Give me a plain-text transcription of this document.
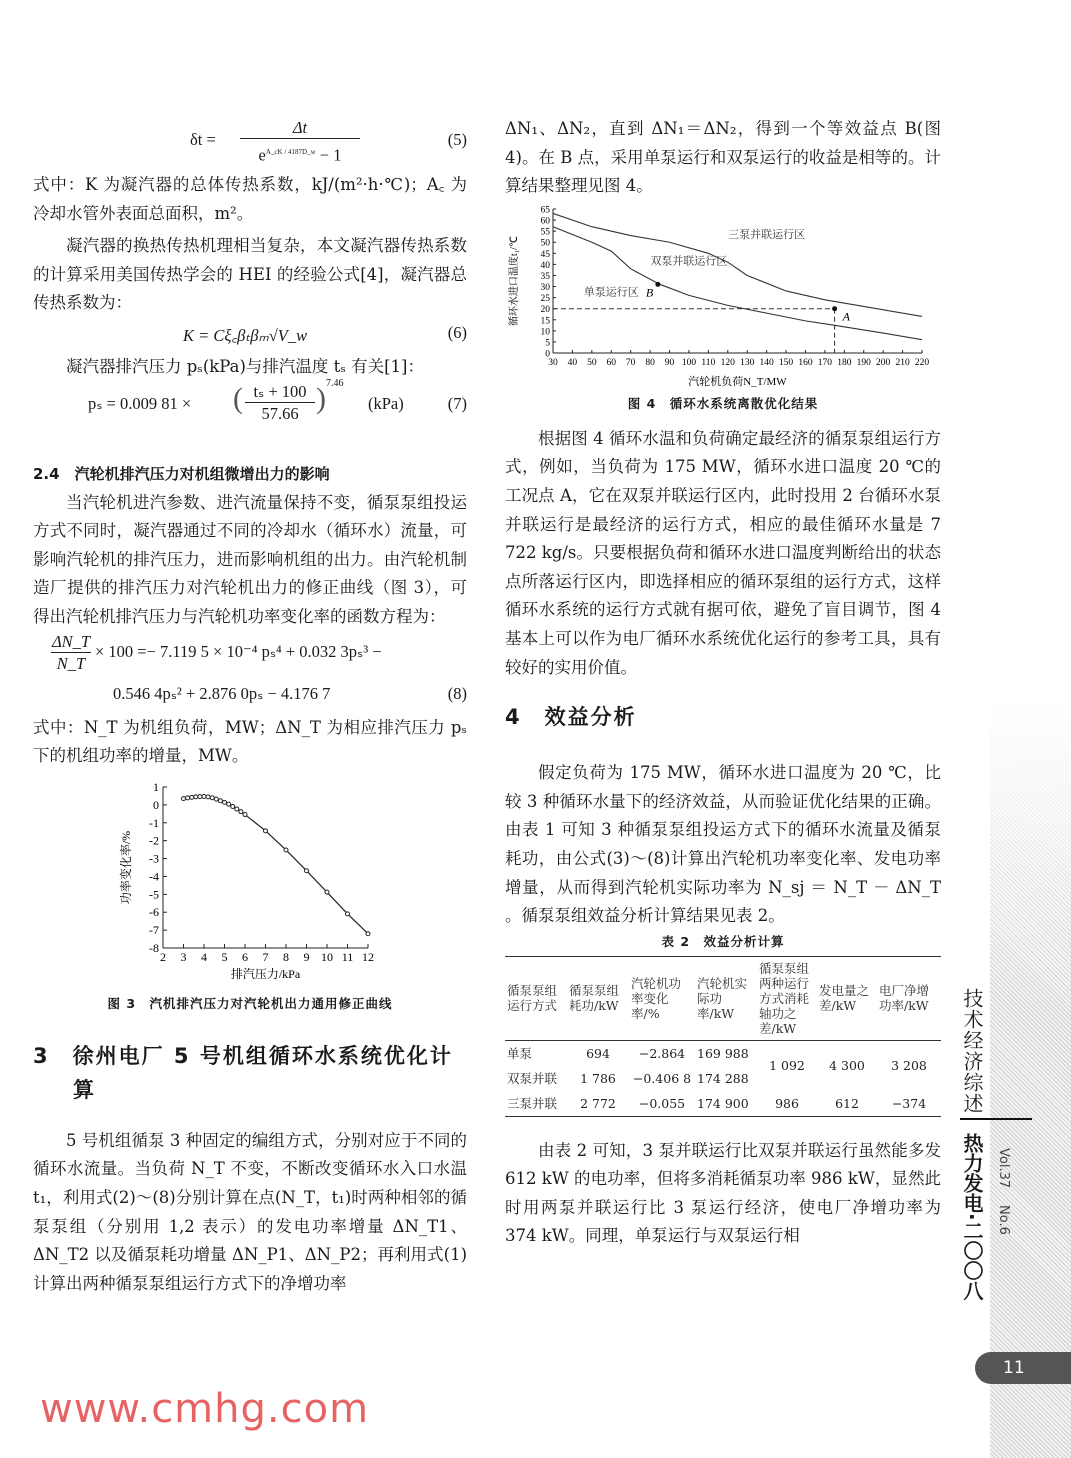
δt =
Δt
$e^{A\_cK / 4187D\_w} - 1$
(5)
式中：K 为凝汽器的总体传热系数，kJ/(m²·h·℃)；A꜀ 为冷却水管外表面总面积，m²。
凝汽器的换热传热机理相当复杂，本文凝汽器传热系数的计算采用美国传热学会的 HEI 的经验公式[4]，凝汽器总传热系数为：
K = Cξ꜀βₜβₘ√V_w	(6)
凝汽器排汽压力 pₛ(kPa)与排汽温度 tₛ 有关[1]：
pₛ = 0.009 81 × ( $\frac{\text{tₛ + 100}}{57.66}$ ) 7.46
(kPa)	(7)
2.4　汽轮机排汽压力对机组微增出力的影响
当汽轮机进汽参数、进汽流量保持不变，循泵泵组投运方式不同时，凝汽器通过不同的冷却水（循环水）流量，可影响汽轮机的排汽压力，进而影响机组的出力。由汽轮机制造厂提供的排汽压力对汽轮机出力的修正曲线（图 3），可得出汽轮机排汽压力与汽轮机功率变化率的函数方程为：
$\frac{\Delta N\_T}{N\_T} \times 100 =- 7.119$ 5 × 10⁻⁴ pₛ⁴ + 0.032 3pₛ³ −
0.546 4pₛ² + 2.876 0pₛ − 4.176 7	(8)
式中：N_T 为机组负荷，MW；ΔN_T 为相应排汽压力 pₛ 下的机组功率的增量，MW。
2 3 4 5 6 7 8 9 10 11 12
1
0
-1
-2
-3
-4
-5
-6
-7
-8
排汽压力/kPa
功率变化率/%
图 3　汽机排汽压力对汽轮机出力通用修正曲线
3　徐州电厂 5 号机组循环水系统优化计算
5 号机组循泵 3 种固定的编组方式，分别对应于不同的循环水流量。当负荷 N_T 不变，不断改变循环水入口水温 t₁，利用式(2)～(8)分别计算在点(N_T，t₁)时两种相邻的循泵泵组（分别用 1,2 表示）的发电功率增量 ΔN_T1、ΔN_T2 以及循泵耗功增量 ΔN_P1、ΔN_P2；再利用式(1)计算出两种循泵泵组运行方式下的净增功率
ΔN₁、ΔN₂，直到 ΔN₁＝ΔN₂，得到一个等效益点 B(图 4)。在 B 点，采用单泵运行和双泵运行的收益是相等的。计算结果整理见图 4。
30 40 50 60 70 80 90 100 110 120 130 140 150 160 170 180 190 200 210 220
0
5
10
15
20
25
30
35
40
45
50
55
60
65
A
B
三泵并联运行区
双泵并联运行区
单泵运行区
汽轮机负荷N_T/MW
循环水进口温度t₁/℃
图 4　循环水系统离散优化结果
根据图 4 循环水温和负荷确定最经济的循泵泵组运行方式，例如，当负荷为 175 MW，循环水进口温度 20 ℃的工况点 A，它在双泵并联运行区内，此时投用 2 台循环水泵并联运行是最经济的运行方式，相应的最佳循环水量是 7 722 kg/s。只要根据负荷和循环水进口温度判断给出的状态点所落运行区内，即选择相应的循环泵组的运行方式，这样循环水系统的运行方式就有据可依，避免了盲目调节，图 4 基本上可以作为电厂循环水系统优化运行的参考工具，具有较好的实用价值。
4　效益分析
假定负荷为 175 MW，循环水进口温度为 20 ℃，比较 3 种循环水量下的经济效益，从而验证优化结果的正确。由表 1 可知 3 种循泵泵组投运方式下的循环水流量及循泵耗功，由公式(3)～(8)计算出汽轮机功率变化率、发电功率增量，从而得到汽轮机实际功率为 N_sj ＝ N_T － ΔN_T 。循泵泵组效益分析计算结果见表 2。
表 2　效益分析计算
循泵泵组运行方式	循泵泵组耗功/kW	汽轮机功率变化率/%	汽轮机实际功率/kW	循泵泵组两种运行方式消耗轴功之差/kW	发电量之差/kW	电厂净增功率/kW
单泵	694	−2.864	169 988	1 092	4 300	3 208
双泵并联	1 786	−0.406 8	174 288			
三泵并联	2 772	−0.055	174 900	986	612	−374
由表 2 可知，3 泵并联运行比双泵并联运行虽然能多发 612 kW 的电功率，但将多消耗循泵功率 986 kW，显然此时用两泵并联运行比 3 泵运行经济，使电厂净增功率为 374 kW。同理，单泵运行与双泵运行相
技术经济综述
热力发电·二〇〇八 Vol.37
No.6
11
www.cmhg.com
